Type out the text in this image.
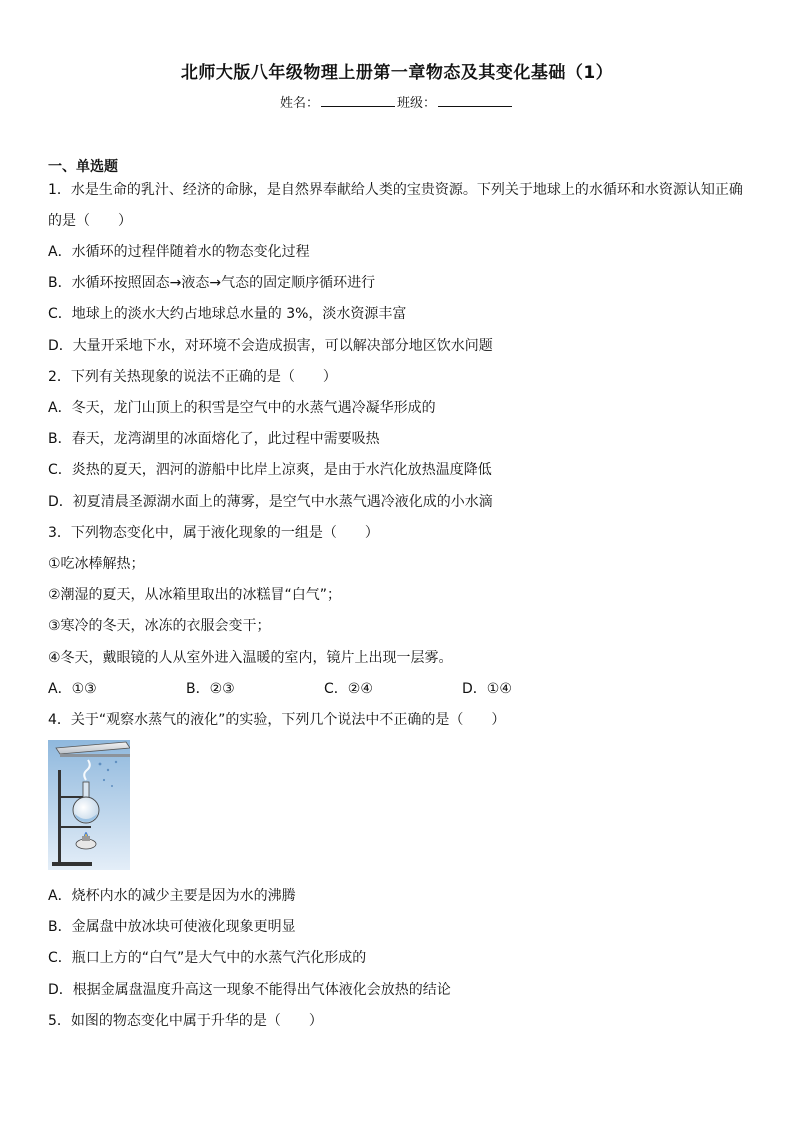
北师大版八年级物理上册第一章物态及其变化基础（1）
姓名：	班级：
一、单选题
1．水是生命的乳汁、经济的命脉，是自然界奉献给人类的宝贵资源。下列关于地球上的水循环和水资源认知正确
的是（　　）
A．水循环的过程伴随着水的物态变化过程
B．水循环按照固态→液态→气态的固定顺序循环进行
C．地球上的淡水大约占地球总水量的 3%，淡水资源丰富
D．大量开采地下水，对环境不会造成损害，可以解决部分地区饮水问题
2．下列有关热现象的说法不正确的是（　　）
A．冬天，龙门山顶上的积雪是空气中的水蒸气遇冷凝华形成的
B．春天，龙湾湖里的冰面熔化了，此过程中需要吸热
C．炎热的夏天，泗河的游船中比岸上凉爽，是由于水汽化放热温度降低
D．初夏清晨圣源湖水面上的薄雾，是空气中水蒸气遇冷液化成的小水滴
3．下列物态变化中，属于液化现象的一组是（　　）
①吃冰棒解热；
②潮湿的夏天，从冰箱里取出的冰糕冒“白气”；
③寒冷的冬天，冰冻的衣服会变干；
④冬天，戴眼镜的人从室外进入温暖的室内，镜片上出现一层雾。
A．①③	B．②③	C．②④	D．①④
4．关于“观察水蒸气的液化”的实验，下列几个说法中不正确的是（　　）
A．烧杯内水的减少主要是因为水的沸腾
B．金属盘中放冰块可使液化现象更明显
C．瓶口上方的“白气”是大气中的水蒸气汽化形成的
D．根据金属盘温度升高这一现象不能得出气体液化会放热的结论
5．如图的物态变化中属于升华的是（　　）
